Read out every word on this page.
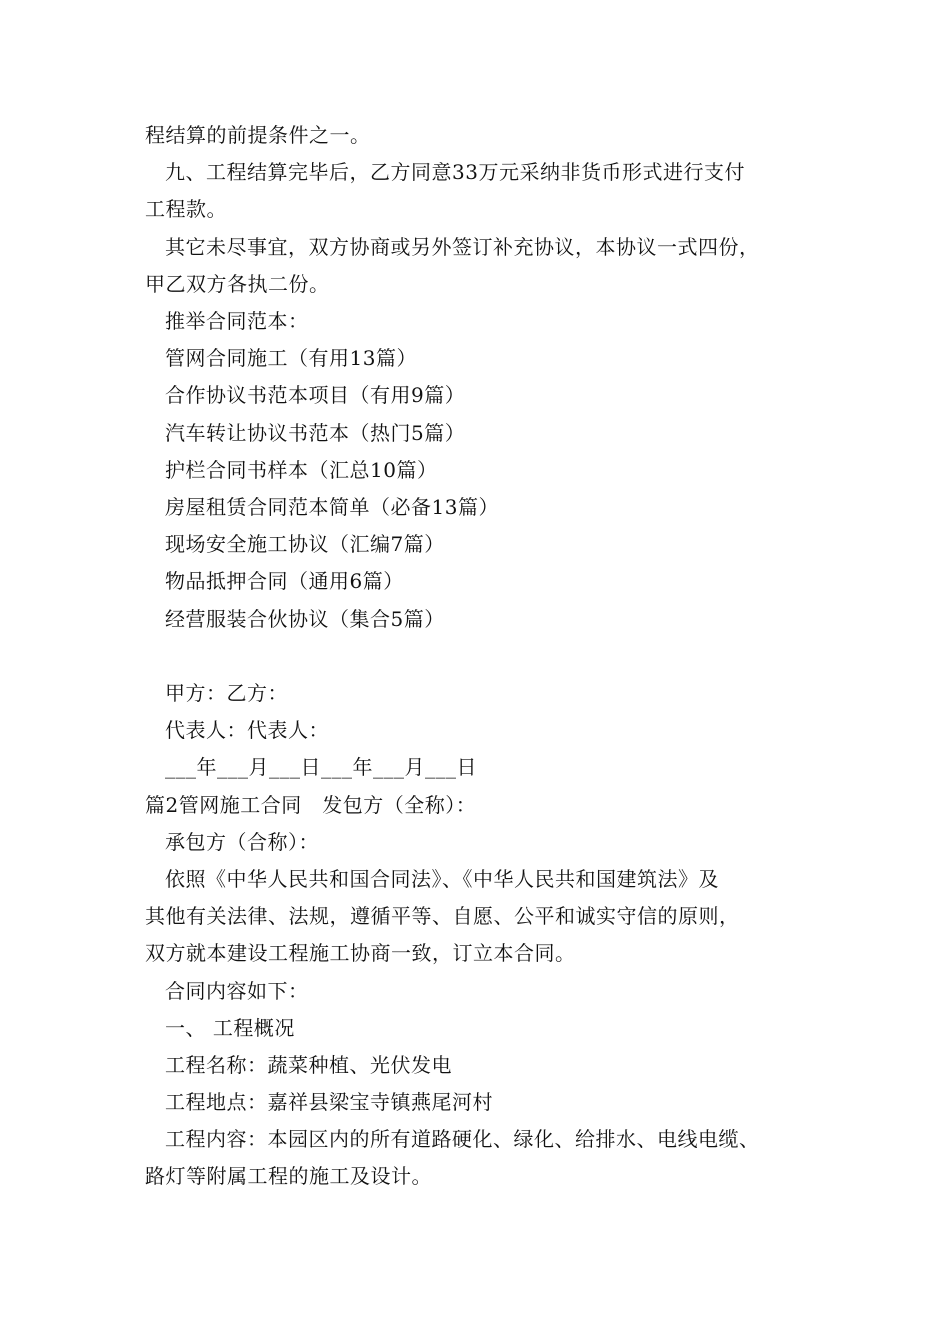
程结算的前提条件之一。
九、工程结算完毕后，乙方同意33万元采纳非货币形式进行支付
工程款。
其它未尽事宜，双方协商或另外签订补充协议，本协议一式四份，
甲乙双方各执二份。
推举合同范本：
管网合同施工（有用13篇）
合作协议书范本项目（有用9篇）
汽车转让协议书范本（热门5篇）
护栏合同书样本（汇总10篇）
房屋租赁合同范本简单（必备13篇）
现场安全施工协议（汇编7篇）
物品抵押合同（通用6篇）
经营服装合伙协议（集合5篇）
甲方：乙方：
代表人：代表人：
___年___月___日___年___月___日
篇2管网施工合同　发包方（全称）：
承包方（合称）：
依照《中华人民共和国合同法》、《中华人民共和国建筑法》及
其他有关法律、法规，遵循平等、自愿、公平和诚实守信的原则，
双方就本建设工程施工协商一致，订立本合同。
合同内容如下：
一、 工程概况
工程名称：蔬菜种植、光伏发电
工程地点：嘉祥县梁宝寺镇燕尾河村
工程内容：本园区内的所有道路硬化、绿化、给排水、电线电缆、
路灯等附属工程的施工及设计。
